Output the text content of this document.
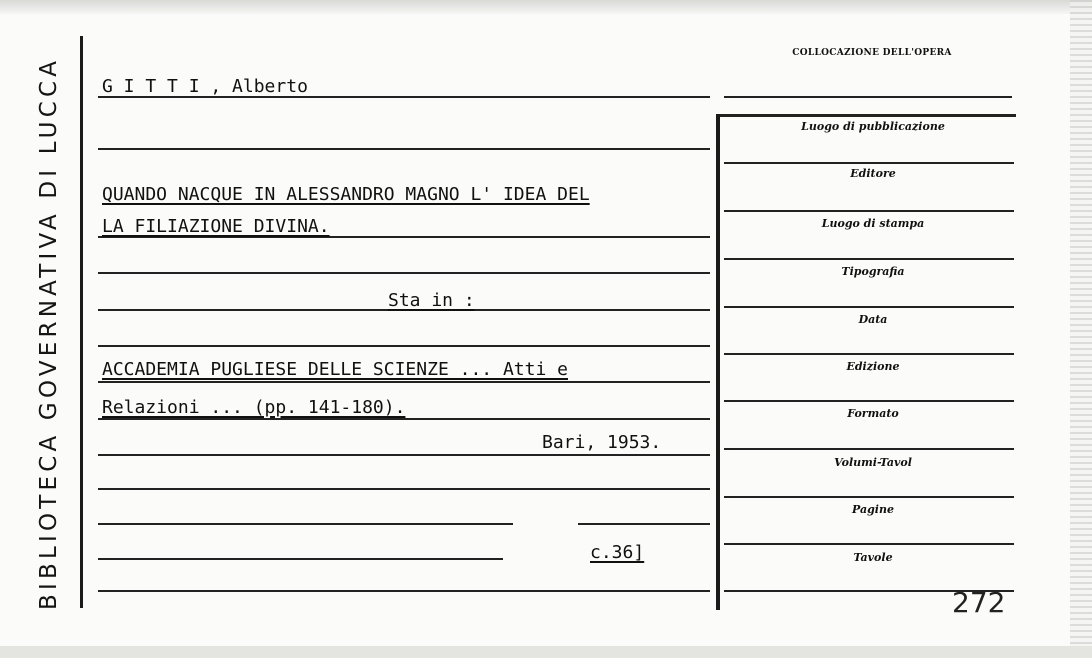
BIBLIOTECA GOVERNATIVA DI LUCCA G I T T I , Alberto
QUANDO NACQUE IN ALESSANDRO MAGNO L' IDEA DEL
LA FILIAZIONE DIVINA.
Sta in :
ACCADEMIA PUGLIESE DELLE SCIENZE ... Atti e
Relazioni ... (pp. 141-180).
Bari, 1953.
c.36]
COLLOCAZIONE DELL'OPERA
Luogo di pubblicazione
Editore
Luogo di stampa
Tipografia
Data
Edizione
Formato
Volumi-Tavol
Pagine
Tavole
272
